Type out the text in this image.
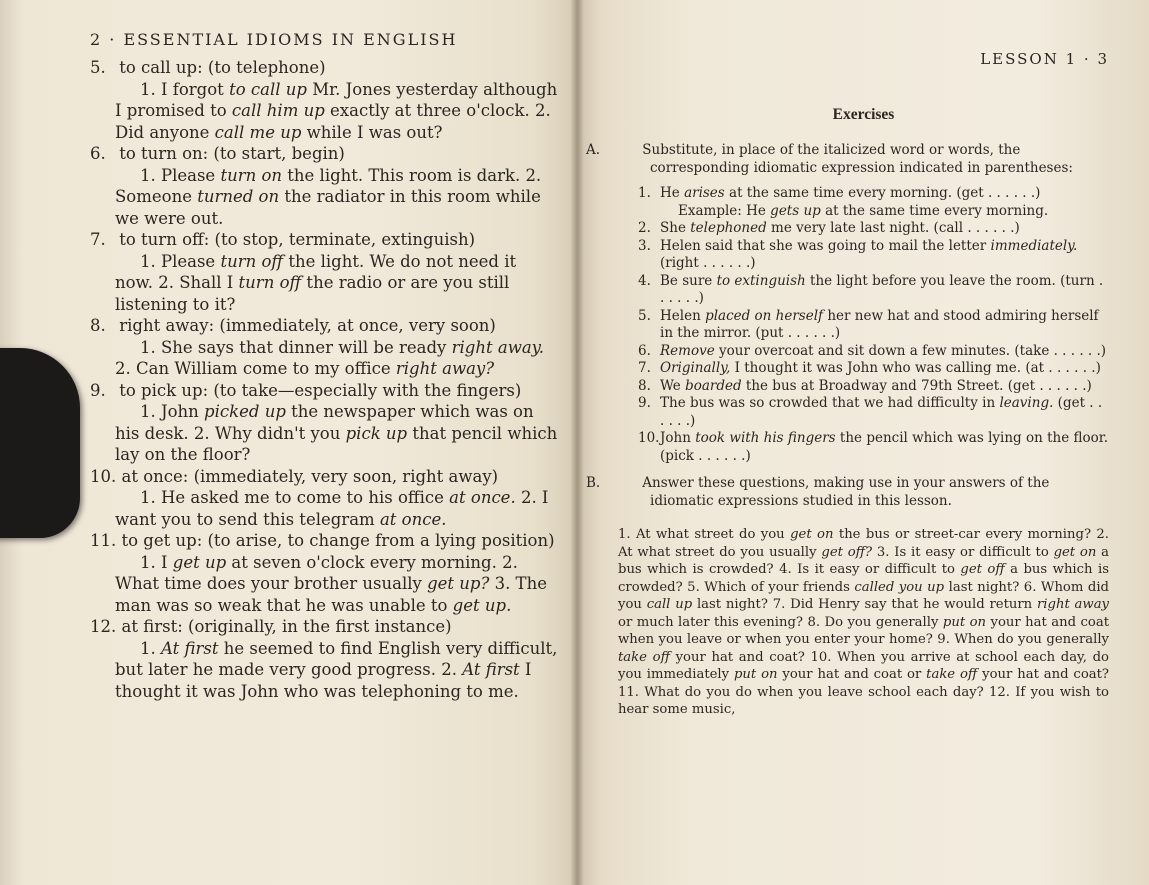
2 · ESSENTIAL IDIOMS IN ENGLISH
5. to call up: (to telephone)
1. I forgot to call up Mr. Jones yesterday although I promised to call him up exactly at three o'clock. 2. Did anyone call me up while I was out?
6. to turn on: (to start, begin)
1. Please turn on the light. This room is dark. 2. Someone turned on the radiator in this room while we were out.
7. to turn off: (to stop, terminate, extinguish)
1. Please turn off the light. We do not need it now. 2. Shall I turn off the radio or are you still listening to it?
8. right away: (immediately, at once, very soon)
1. She says that dinner will be ready right away. 2. Can William come to my office right away?
9. to pick up: (to take—especially with the fingers)
1. John picked up the newspaper which was on his desk. 2. Why didn't you pick up that pencil which lay on the floor?
10. at once: (immediately, very soon, right away)
1. He asked me to come to his office at once. 2. I want you to send this telegram at once.
11. to get up: (to arise, to change from a lying position)
1. I get up at seven o'clock every morning. 2. What time does your brother usually get up? 3. The man was so weak that he was unable to get up.
12. at first: (originally, in the first instance)
1. At first he seemed to find English very difficult, but later he made very good progress. 2. At first I thought it was John who was telephoning to me.
LESSON 1 · 3
Exercises
A.	Substitute, in place of the italicized word or words, the corresponding idiomatic expression indicated in parentheses:
1. He arises at the same time every morning. (get . . . . . .)
Example: He gets up at the same time every morning.
2. She telephoned me very late last night. (call . . . . . .)
3. Helen said that she was going to mail the letter immediately. (right . . . . . .)
4. Be sure to extinguish the light before you leave the room. (turn . . . . . .)
5. Helen placed on herself her new hat and stood admiring herself in the mirror. (put . . . . . .)
6. Remove your overcoat and sit down a few minutes. (take . . . . . .)
7. Originally, I thought it was John who was calling me. (at . . . . . .)
8. We boarded the bus at Broadway and 79th Street. (get . . . . . .)
9. The bus was so crowded that we had difficulty in leaving. (get . . . . . .)
10. John took with his fingers the pencil which was lying on the floor. (pick . . . . . .)
B.	Answer these questions, making use in your answers of the idiomatic expressions studied in this lesson.
1. At what street do you get on the bus or street-car every morning? 2. At what street do you usually get off? 3. Is it easy or difficult to get on a bus which is crowded? 4. Is it easy or difficult to get off a bus which is crowded? 5. Which of your friends called you up last night? 6. Whom did you call up last night? 7. Did Henry say that he would return right away or much later this evening? 8. Do you generally put on your hat and coat when you leave or when you enter your home? 9. When do you generally take off your hat and coat? 10. When you arrive at school each day, do you immediately put on your hat and coat or take off your hat and coat? 11. What do you do when you leave school each day? 12. If you wish to hear some music,
